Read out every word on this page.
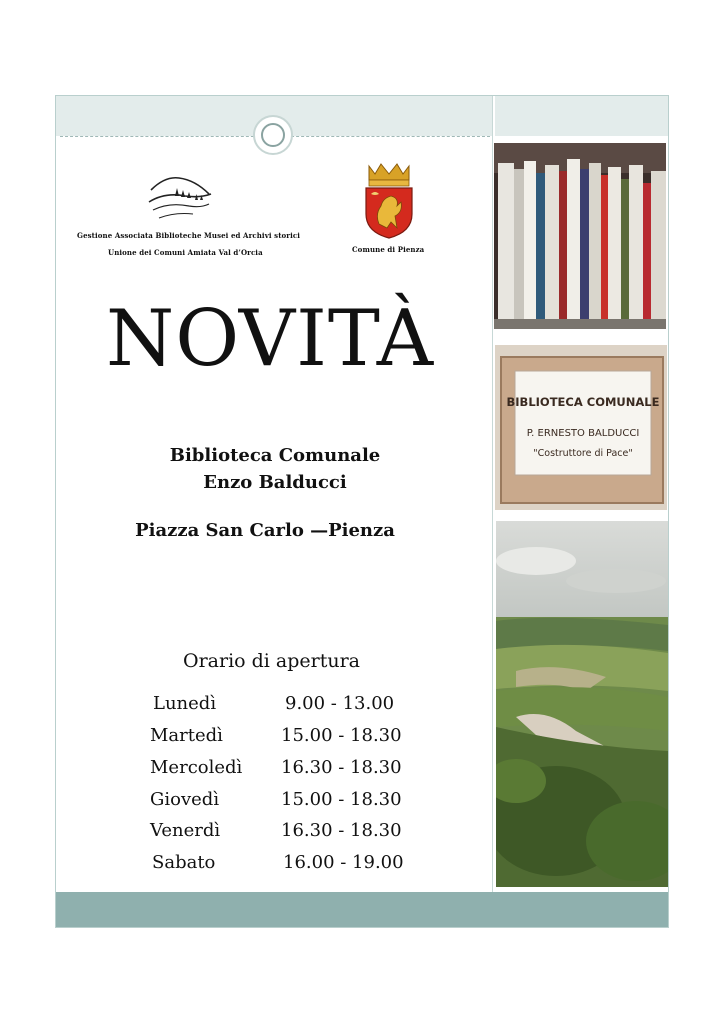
Gestione Associata Biblioteche Musei ed Archivi storici
Unione dei Comuni Amiata Val d’Orcia	Comune di Pienza
NOVITÀ
Biblioteca Comunale
Enzo Balducci
Piazza San Carlo —Pienza
Orario di apertura
Lunedì	9.00 - 13.00
Martedì	15.00 - 18.30
Mercoledì 16.30 - 18.30
Giovedì	15.00 - 18.30
Venerdì	16.30 - 18.30
Sabato	16.00 - 19.00
BIBLIOTECA COMUNALE
P. ERNESTO BALDUCCI
"Costruttore di Pace"
